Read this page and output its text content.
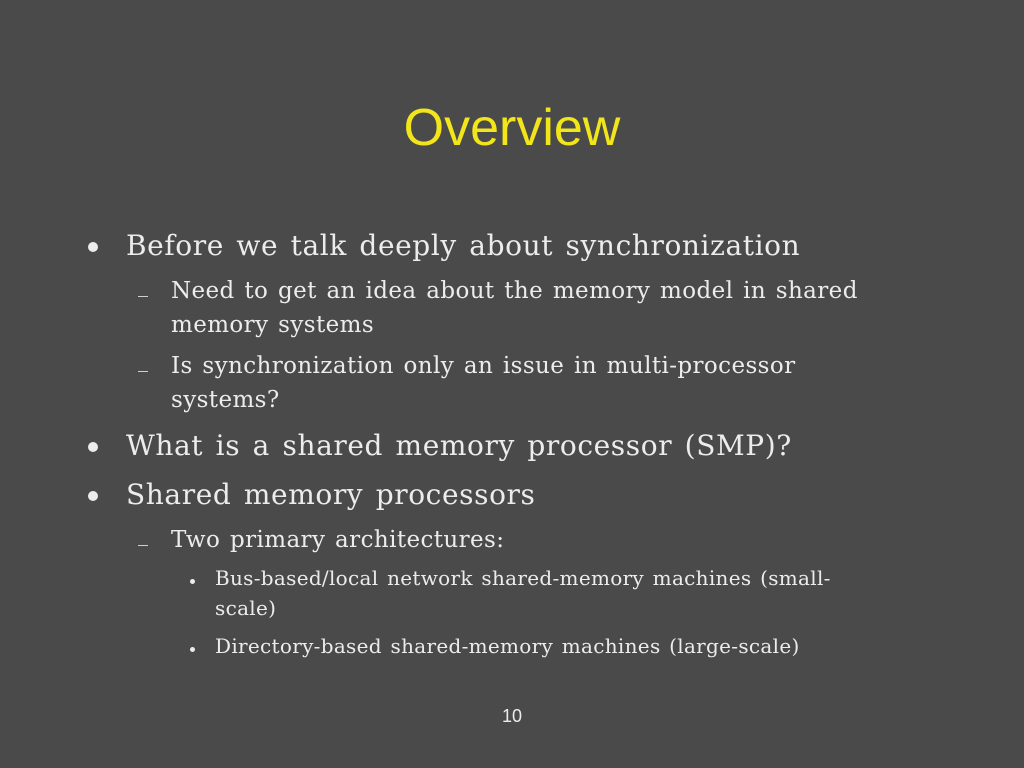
Overview
Before we talk deeply about synchronization
Need to get an idea about the memory model in shared
memory systems
Is synchronization only an issue in multi-processor
systems?
What is a shared memory processor (SMP)?
Shared memory processors
Two primary architectures:
Bus-based/local network shared-memory machines (small-
scale)
Directory-based shared-memory machines (large-scale)
10
